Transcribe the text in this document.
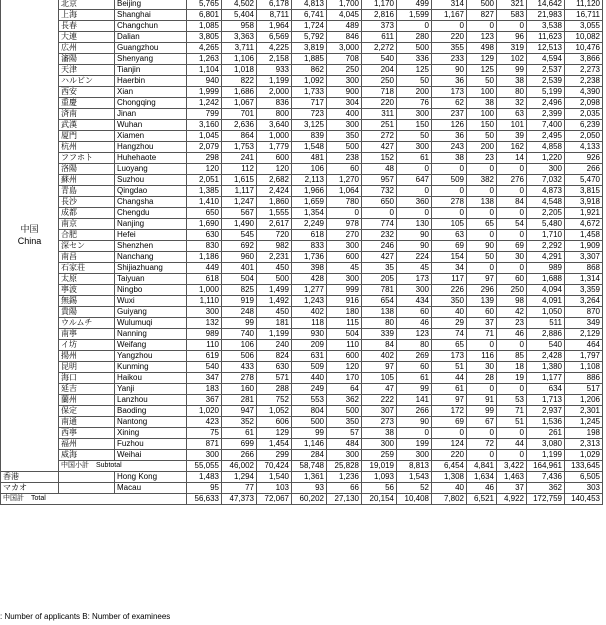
中国
China	北京	Beijing	5,765	4,502	6,178	4,813	1,700	1,170	499	314	500	321	14,642	11,120
	上海	Shanghai	6,801	5,404	8,711	6,741	4,045	2,816	1,599	1,167	827	583	21,983	16,711
	長春	Changchun	1,085	958	1,964	1,724	489	373	0	0	0	0	3,538	3,055
	大連	Dalian	3,805	3,363	6,569	5,792	846	611	280	220	123	96	11,623	10,082
	広州	Guangzhou	4,265	3,711	4,225	3,819	3,000	2,272	500	355	498	319	12,513	10,476
	瀋陽	Shenyang	1,263	1,106	2,158	1,885	708	540	336	233	129	102	4,594	3,866
	天津	Tianjin	1,104	1,018	933	862	250	204	125	90	125	99	2,537	2,273
	ハルビン	Haerbin	940	822	1,199	1,092	300	250	50	36	50	38	2,539	2,238
	西安	Xian	1,999	1,686	2,000	1,733	900	718	200	173	100	80	5,199	4,390
	重慶	Chongqing	1,242	1,067	836	717	304	220	76	62	38	32	2,496	2,098
	済南	Jinan	799	701	800	723	400	311	300	237	100	63	2,399	2,035
	武漢	Wuhan	3,160	2,636	3,640	3,125	300	251	150	126	150	101	7,400	6,239
	厦門	Xiamen	1,045	864	1,000	839	350	272	50	36	50	39	2,495	2,050
	杭州	Hangzhou	2,079	1,753	1,779	1,548	500	427	300	243	200	162	4,858	4,133
	フフホト	Huhehaote	298	241	600	481	238	152	61	38	23	14	1,220	926
	洛陽	Luoyang	120	112	120	106	60	48	0	0	0	0	300	266
	蘇州	Suzhou	2,051	1,615	2,682	2,113	1,270	957	647	509	382	276	7,032	5,470
	青島	Qingdao	1,385	1,117	2,424	1,966	1,064	732	0	0	0	0	4,873	3,815
	長沙	Changsha	1,410	1,247	1,860	1,659	780	650	360	278	138	84	4,548	3,918
	成都	Chengdu	650	567	1,555	1,354	0	0	0	0	0	0	2,205	1,921
	南京	Nanjing	1,690	1,490	2,617	2,249	978	774	130	105	65	54	5,480	4,672
	合肥	Hefei	630	545	720	618	270	232	90	63	0	0	1,710	1,458
	深セン	Shenzhen	830	692	982	833	300	246	90	69	90	69	2,292	1,909
	南昌	Nanchang	1,186	960	2,231	1,736	600	427	224	154	50	30	4,291	3,307
	石家荘	Shijiazhuang	449	401	450	398	45	35	45	34	0	0	989	868
	太原	Taiyuan	618	504	500	428	300	205	173	117	97	60	1,688	1,314
	寧波	Ningbo	1,000	825	1,499	1,277	999	781	300	226	296	250	4,094	3,359
	無錫	Wuxi	1,110	919	1,492	1,243	916	654	434	350	139	98	4,091	3,264
	貴陽	Guiyang	300	248	450	402	180	138	60	40	60	42	1,050	870
	ウルムチ	Wulumuqi	132	99	181	118	115	80	46	29	37	23	511	349
	南寧	Nanning	989	740	1,199	930	504	339	123	74	71	46	2,886	2,129
	イ坊	Weifang	110	106	240	209	110	84	80	65	0	0	540	464
	揚州	Yangzhou	619	506	824	631	600	402	269	173	116	85	2,428	1,797
	昆明	Kunming	540	433	630	509	120	97	60	51	30	18	1,380	1,108
	海口	Haikou	347	278	571	440	170	105	61	44	28	19	1,177	886
	延吉	Yanji	183	160	288	249	64	47	99	61	0	0	634	517
	蘭州	Lanzhou	367	281	752	553	362	222	141	97	91	53	1,713	1,206
	保定	Baoding	1,020	947	1,052	804	500	307	266	172	99	71	2,937	2,301
	南通	Nantong	423	352	606	500	350	273	90	69	67	51	1,536	1,245
	西寧	Xining	75	61	129	99	57	38	0	0	0	0	261	198
	福州	Fuzhou	871	699	1,454	1,146	484	300	199	124	72	44	3,080	2,313
	威海	Weihai	300	266	299	284	300	259	300	220	0	0	1,199	1,029
	中国小計　Subtotal		55,055	46,002	70,424	58,748	25,828	19,019	8,813	6,454	4,841	3,422	164,961	133,645
香港		Hong Kong	1,483	1,294	1,540	1,361	1,236	1,093	1,543	1,308	1,634	1,463	7,436	6,505
マカオ		Macau	95	77	103	93	66	56	52	40	46	37	362	303
中国計　Total			56,633	47,373	72,067	60,202	27,130	20,154	10,408	7,802	6,521	4,922	172,759	140,453
: Number of applicants B: Number of examinees
